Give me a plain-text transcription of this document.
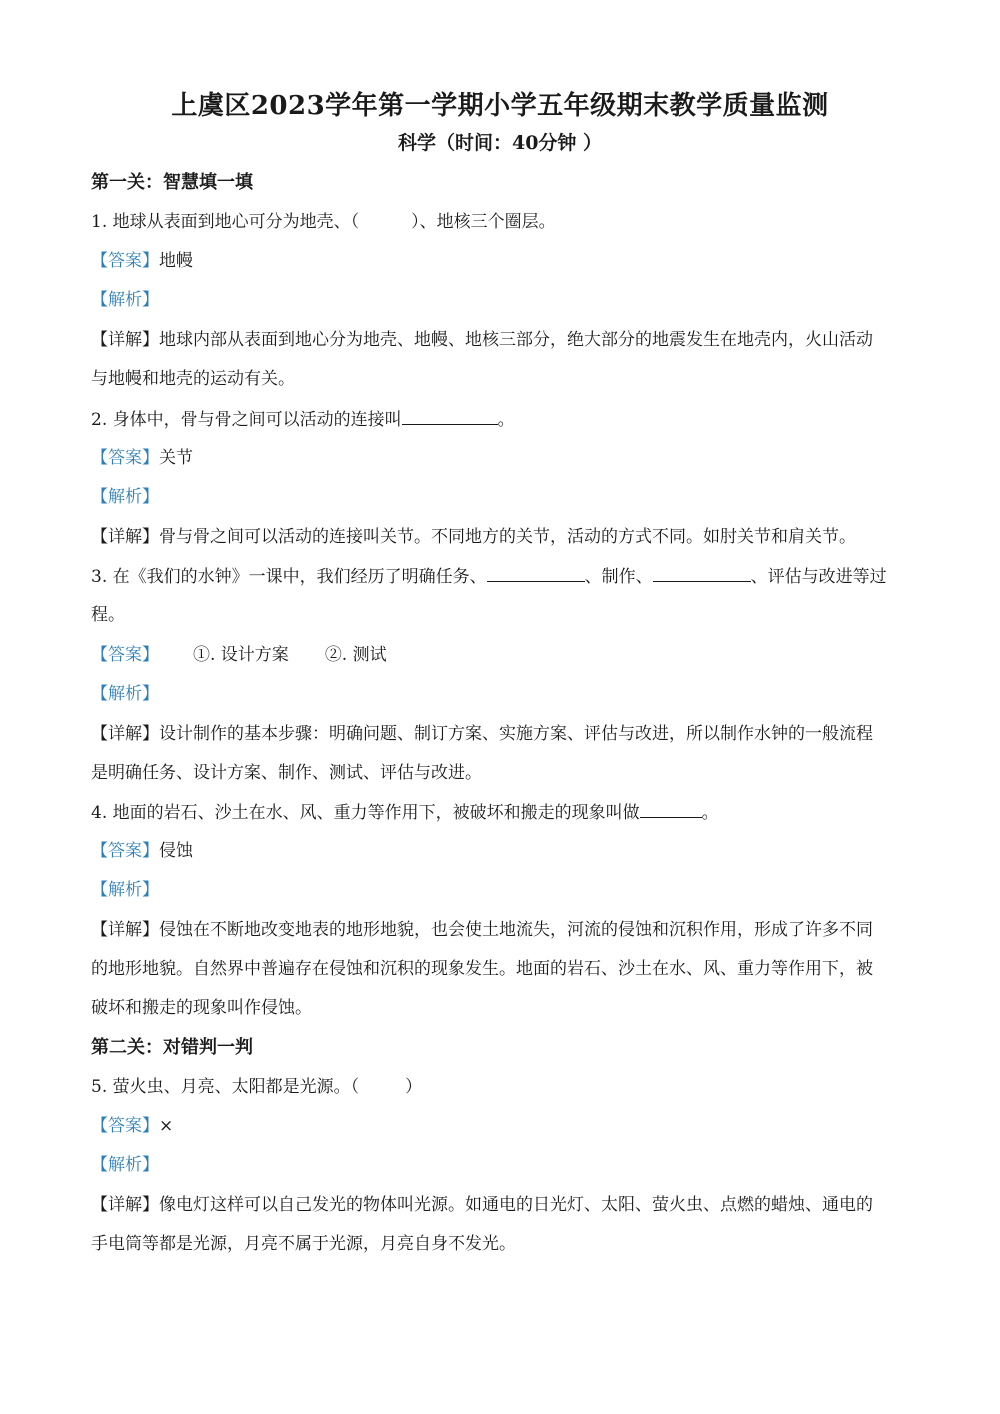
上虞区2023学年第一学期小学五年级期末教学质量监测
科学（时间：40分钟 ）
第一关：智慧填一填
1. 地球从表面到地心可分为地壳、（	）、地核三个圈层。
【答案】地幔
【解析】
【详解】地球内部从表面到地心分为地壳、地幔、地核三部分，绝大部分的地震发生在地壳内，火山活动
与地幔和地壳的运动有关。
2. 身体中，骨与骨之间可以活动的连接叫	。
【答案】关节
【解析】
【详解】骨与骨之间可以活动的连接叫关节。不同地方的关节，活动的方式不同。如肘关节和肩关节。
3. 在《我们的水钟》一课中，我们经历了明确任务、	、制作、	、评估与改进等过
程。
【答案】 ①. 设计方案 ②. 测试
【解析】
【详解】设计制作的基本步骤：明确问题、制订方案、实施方案、评估与改进，所以制作水钟的一般流程
是明确任务、设计方案、制作、测试、评估与改进。
4. 地面的岩石、沙土在水、风、重力等作用下，被破坏和搬走的现象叫做	。
【答案】侵蚀
【解析】
【详解】侵蚀在不断地改变地表的地形地貌，也会使土地流失，河流的侵蚀和沉积作用，形成了许多不同
的地形地貌。自然界中普遍存在侵蚀和沉积的现象发生。地面的岩石、沙土在水、风、重力等作用下，被
破坏和搬走的现象叫作侵蚀。
第二关：对错判一判
5. 萤火虫、月亮、太阳都是光源。（	）
【答案】×
【解析】
【详解】像电灯这样可以自己发光的物体叫光源。如通电的日光灯、太阳、萤火虫、点燃的蜡烛、通电的
手电筒等都是光源，月亮不属于光源，月亮自身不发光。
